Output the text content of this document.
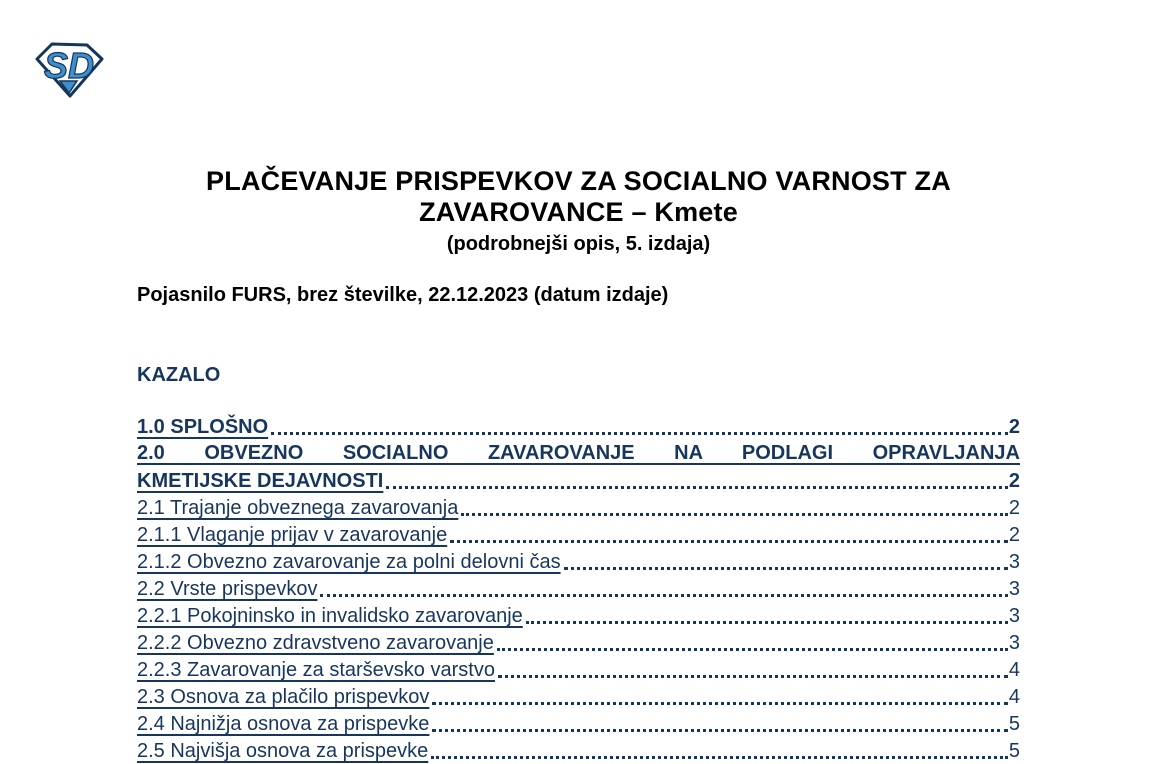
SD
PLAČEVANJE PRISPEVKOV ZA SOCIALNO VARNOST ZA
ZAVAROVANCE – Kmete
(podrobnejši opis, 5. izdaja)
Pojasnilo FURS, brez številke, 22.12.2023 (datum izdaje)
KAZALO
1.0 SPLOŠNO	2
2.0 OBVEZNO SOCIALNO ZAVAROVANJE NA PODLAGI OPRAVLJANJA
KMETIJSKE DEJAVNOSTI	2
2.1 Trajanje obveznega zavarovanja	2
2.1.1 Vlaganje prijav v zavarovanje	2
2.1.2 Obvezno zavarovanje za polni delovni čas	3
2.2 Vrste prispevkov	3
2.2.1 Pokojninsko in invalidsko zavarovanje	3
2.2.2 Obvezno zdravstveno zavarovanje	3
2.2.3 Zavarovanje za starševsko varstvo	4
2.3 Osnova za plačilo prispevkov	4
2.4 Najnižja osnova za prispevke	5
2.5 Najvišja osnova za prispevke	5
